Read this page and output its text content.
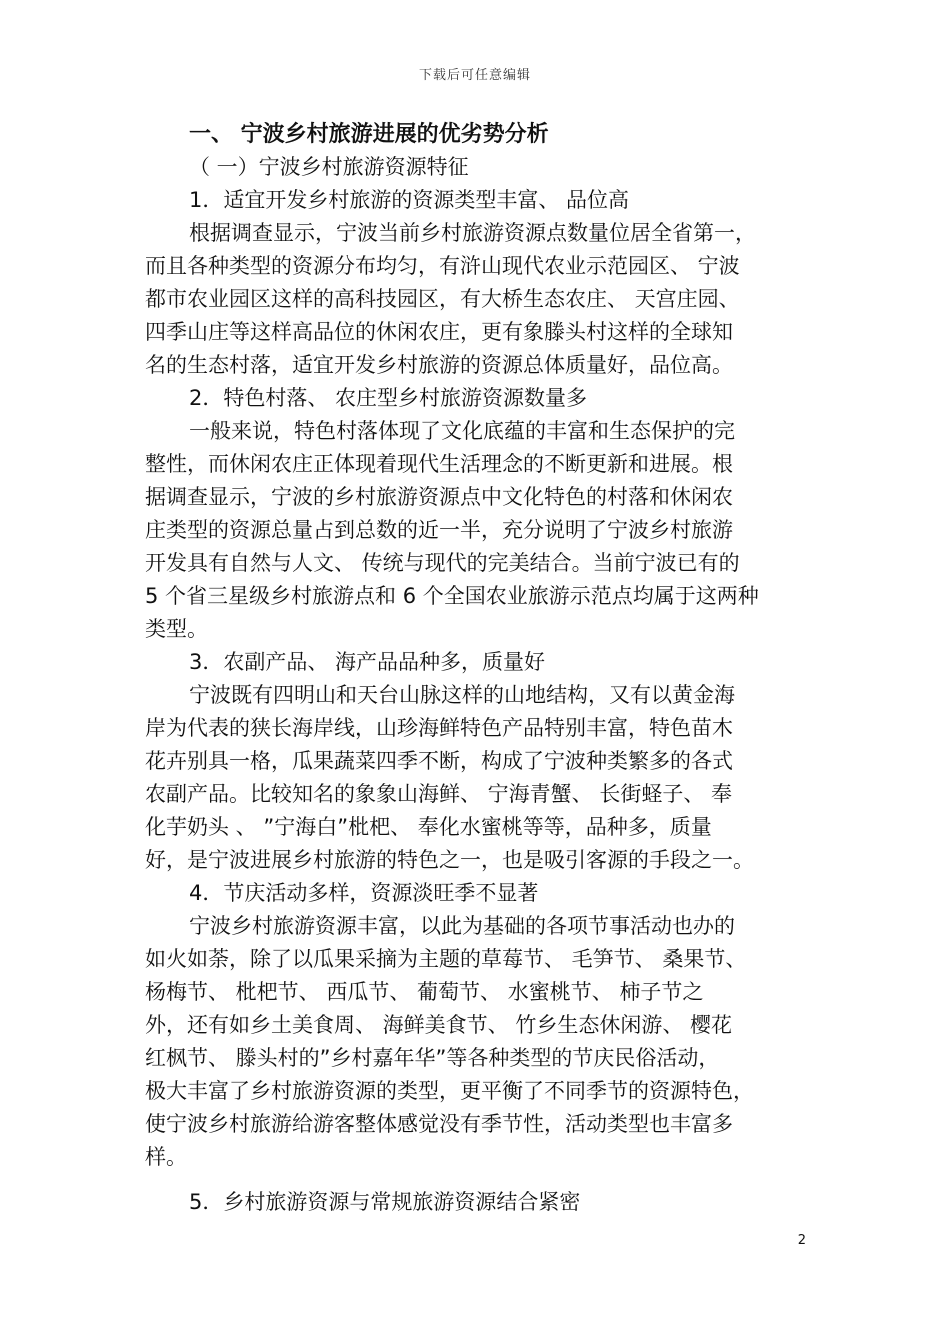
下载后可任意编辑
一、 宁波乡村旅游进展的优劣势分析
（ 一）宁波乡村旅游资源特征
1．适宜开发乡村旅游的资源类型丰富、 品位高
根据调查显示，宁波当前乡村旅游资源点数量位居全省第一，
而且各种类型的资源分布均匀，有浒山现代农业示范园区、 宁波
都市农业园区这样的高科技园区，有大桥生态农庄、 天宫庄园、
四季山庄等这样高品位的休闲农庄，更有象滕头村这样的全球知
名的生态村落，适宜开发乡村旅游的资源总体质量好，品位高。
2．特色村落、 农庄型乡村旅游资源数量多
一般来说，特色村落体现了文化底蕴的丰富和生态保护的完
整性，而休闲农庄正体现着现代生活理念的不断更新和进展。根
据调查显示，宁波的乡村旅游资源点中文化特色的村落和休闲农
庄类型的资源总量占到总数的近一半，充分说明了宁波乡村旅游
开发具有自然与人文、 传统与现代的完美结合。当前宁波已有的
5 个省三星级乡村旅游点和 6 个全国农业旅游示范点均属于这两种
类型。
3．农副产品、 海产品品种多，质量好
宁波既有四明山和天台山脉这样的山地结构，又有以黄金海
岸为代表的狭长海岸线，山珍海鲜特色产品特别丰富，特色苗木
花卉别具一格，瓜果蔬菜四季不断，构成了宁波种类繁多的各式
农副产品。比较知名的象象山海鲜、 宁海青蟹、 长街蛏子、 奉
化芋奶头 、 ”宁海白”枇杷、 奉化水蜜桃等等，品种多，质量
好，是宁波进展乡村旅游的特色之一，也是吸引客源的手段之一。
4．节庆活动多样，资源淡旺季不显著
宁波乡村旅游资源丰富，以此为基础的各项节事活动也办的
如火如荼，除了以瓜果采摘为主题的草莓节、 毛笋节、 桑果节、
杨梅节、 枇杷节、 西瓜节、 葡萄节、 水蜜桃节、 柿子节之
外，还有如乡土美食周、 海鲜美食节、 竹乡生态休闲游、 樱花
红枫节、 滕头村的”乡村嘉年华”等各种类型的节庆民俗活动，
极大丰富了乡村旅游资源的类型，更平衡了不同季节的资源特色，
使宁波乡村旅游给游客整体感觉没有季节性，活动类型也丰富多
样。
5．乡村旅游资源与常规旅游资源结合紧密
2
